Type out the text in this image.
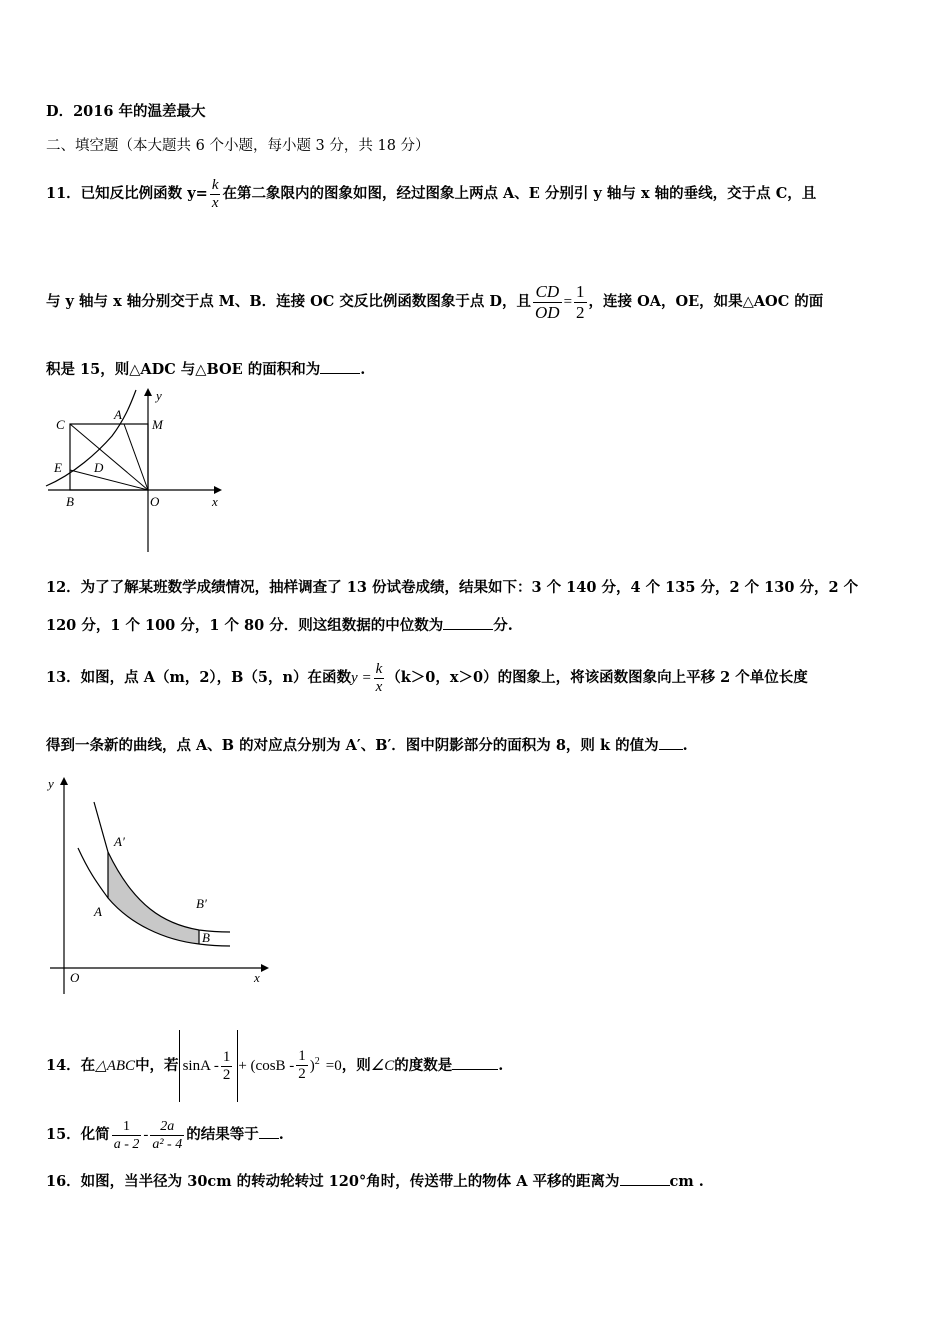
D．2016 年的温差最大
二、填空题（本大题共 6 个小题，每小题 3 分，共 18 分）
11．已知反比例函数 $y= \frac{k}{x}$ 在第二象限内的图象如图，经过图象上两点 A、E 分别引 y 轴与 x 轴的垂线，交于点 C，且
与 y 轴与 x 轴分别交于点 M、B．连接 OC 交反比例函数图象于点 D，且 $\frac{CD}{OD} = \frac{1}{2}$ ，连接 OA，OE，如果△AOC 的面
积是 15，则△ADC 与△BOE 的面积和为	.
C
A
y
M
E D
B	O	x
12．为了了解某班数学成绩情况，抽样调查了 13 份试卷成绩，结果如下：3 个 140 分，4 个 135 分，2 个 130 分，2 个
120 分，1 个 100 分，1 个 80 分．则这组数据的中位数为	分.
13．如图，点 A（m，2），B（5，n）在函数$y = \frac{k}{x} (k>0$，x＞0）的图象上，将该函数图象向上平移 2 个单位长度
得到一条新的曲线，点 A、B 的对应点分别为 A′、B′．图中阴影部分的面积为 8，则 k 的值为 .
y
A′
A
B′
B
O	x
14．在△ABC中，若 $\sin A - \frac{1}{2} + (\cos B - \frac{1}{2} )^2 =0$，则∠C的度数是	.
15．化简 $\frac{1}{a - 2} - \frac{2a}{\text{a² - 4}}$ 的结果等于 .
16．如图，当半径为 30cm 的转动轮转过 120°角时，传送带上的物体 A 平移的距离为	cm .
